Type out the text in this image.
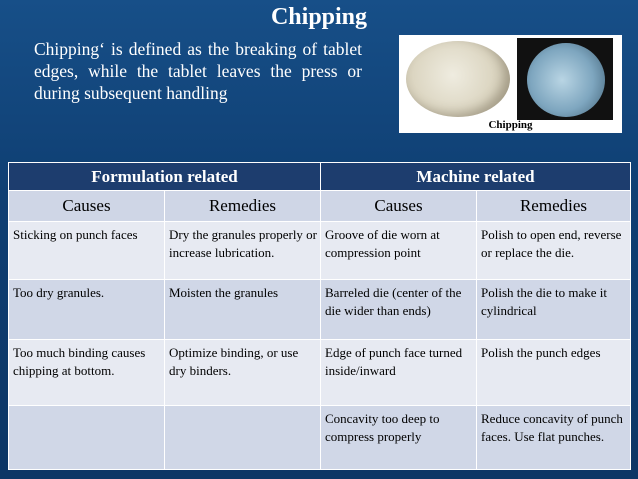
Chipping
Chipping‘ is defined as the breaking of tablet edges, while the tablet leaves the press or during subsequent handling
Chipping
Formulation related		Machine related	
Causes	Remedies	Causes	Remedies
Sticking on punch faces	Dry the granules properly or increase lubrication.	Groove of die worn at compression point	Polish to open end, reverse or replace the die.
Too dry granules.	Moisten the granules	Barreled die (center of the die wider than ends)	Polish the die to make it cylindrical
Too much binding causes chipping at bottom.	Optimize binding, or use dry binders.	Edge of punch face turned inside/inward	Polish the punch edges
		Concavity too deep to compress properly	Reduce concavity of punch faces. Use flat punches.
